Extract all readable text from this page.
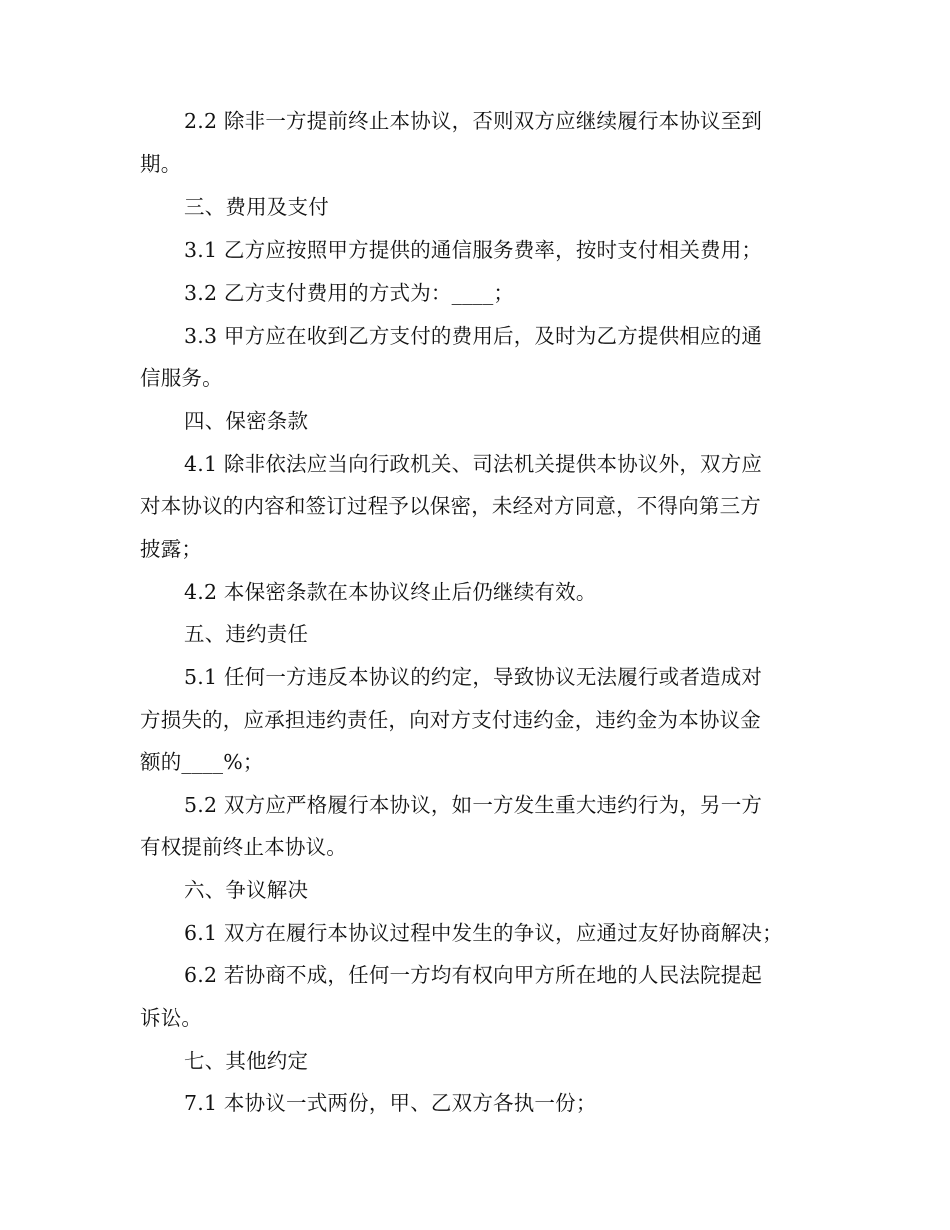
2.2 除非一方提前终止本协议，否则双方应继续履行本协议至到
期。
三、费用及支付
3.1 乙方应按照甲方提供的通信服务费率，按时支付相关费用；
3.2 乙方支付费用的方式为：____；
3.3 甲方应在收到乙方支付的费用后，及时为乙方提供相应的通
信服务。
四、保密条款
4.1 除非依法应当向行政机关、司法机关提供本协议外，双方应
对本协议的内容和签订过程予以保密，未经对方同意，不得向第三方
披露；
4.2 本保密条款在本协议终止后仍继续有效。
五、违约责任
5.1 任何一方违反本协议的约定，导致协议无法履行或者造成对
方损失的，应承担违约责任，向对方支付违约金，违约金为本协议金
额的____%；
5.2 双方应严格履行本协议，如一方发生重大违约行为，另一方
有权提前终止本协议。
六、争议解决
6.1 双方在履行本协议过程中发生的争议，应通过友好协商解决；
6.2 若协商不成，任何一方均有权向甲方所在地的人民法院提起
诉讼。
七、其他约定
7.1 本协议一式两份，甲、乙双方各执一份；
